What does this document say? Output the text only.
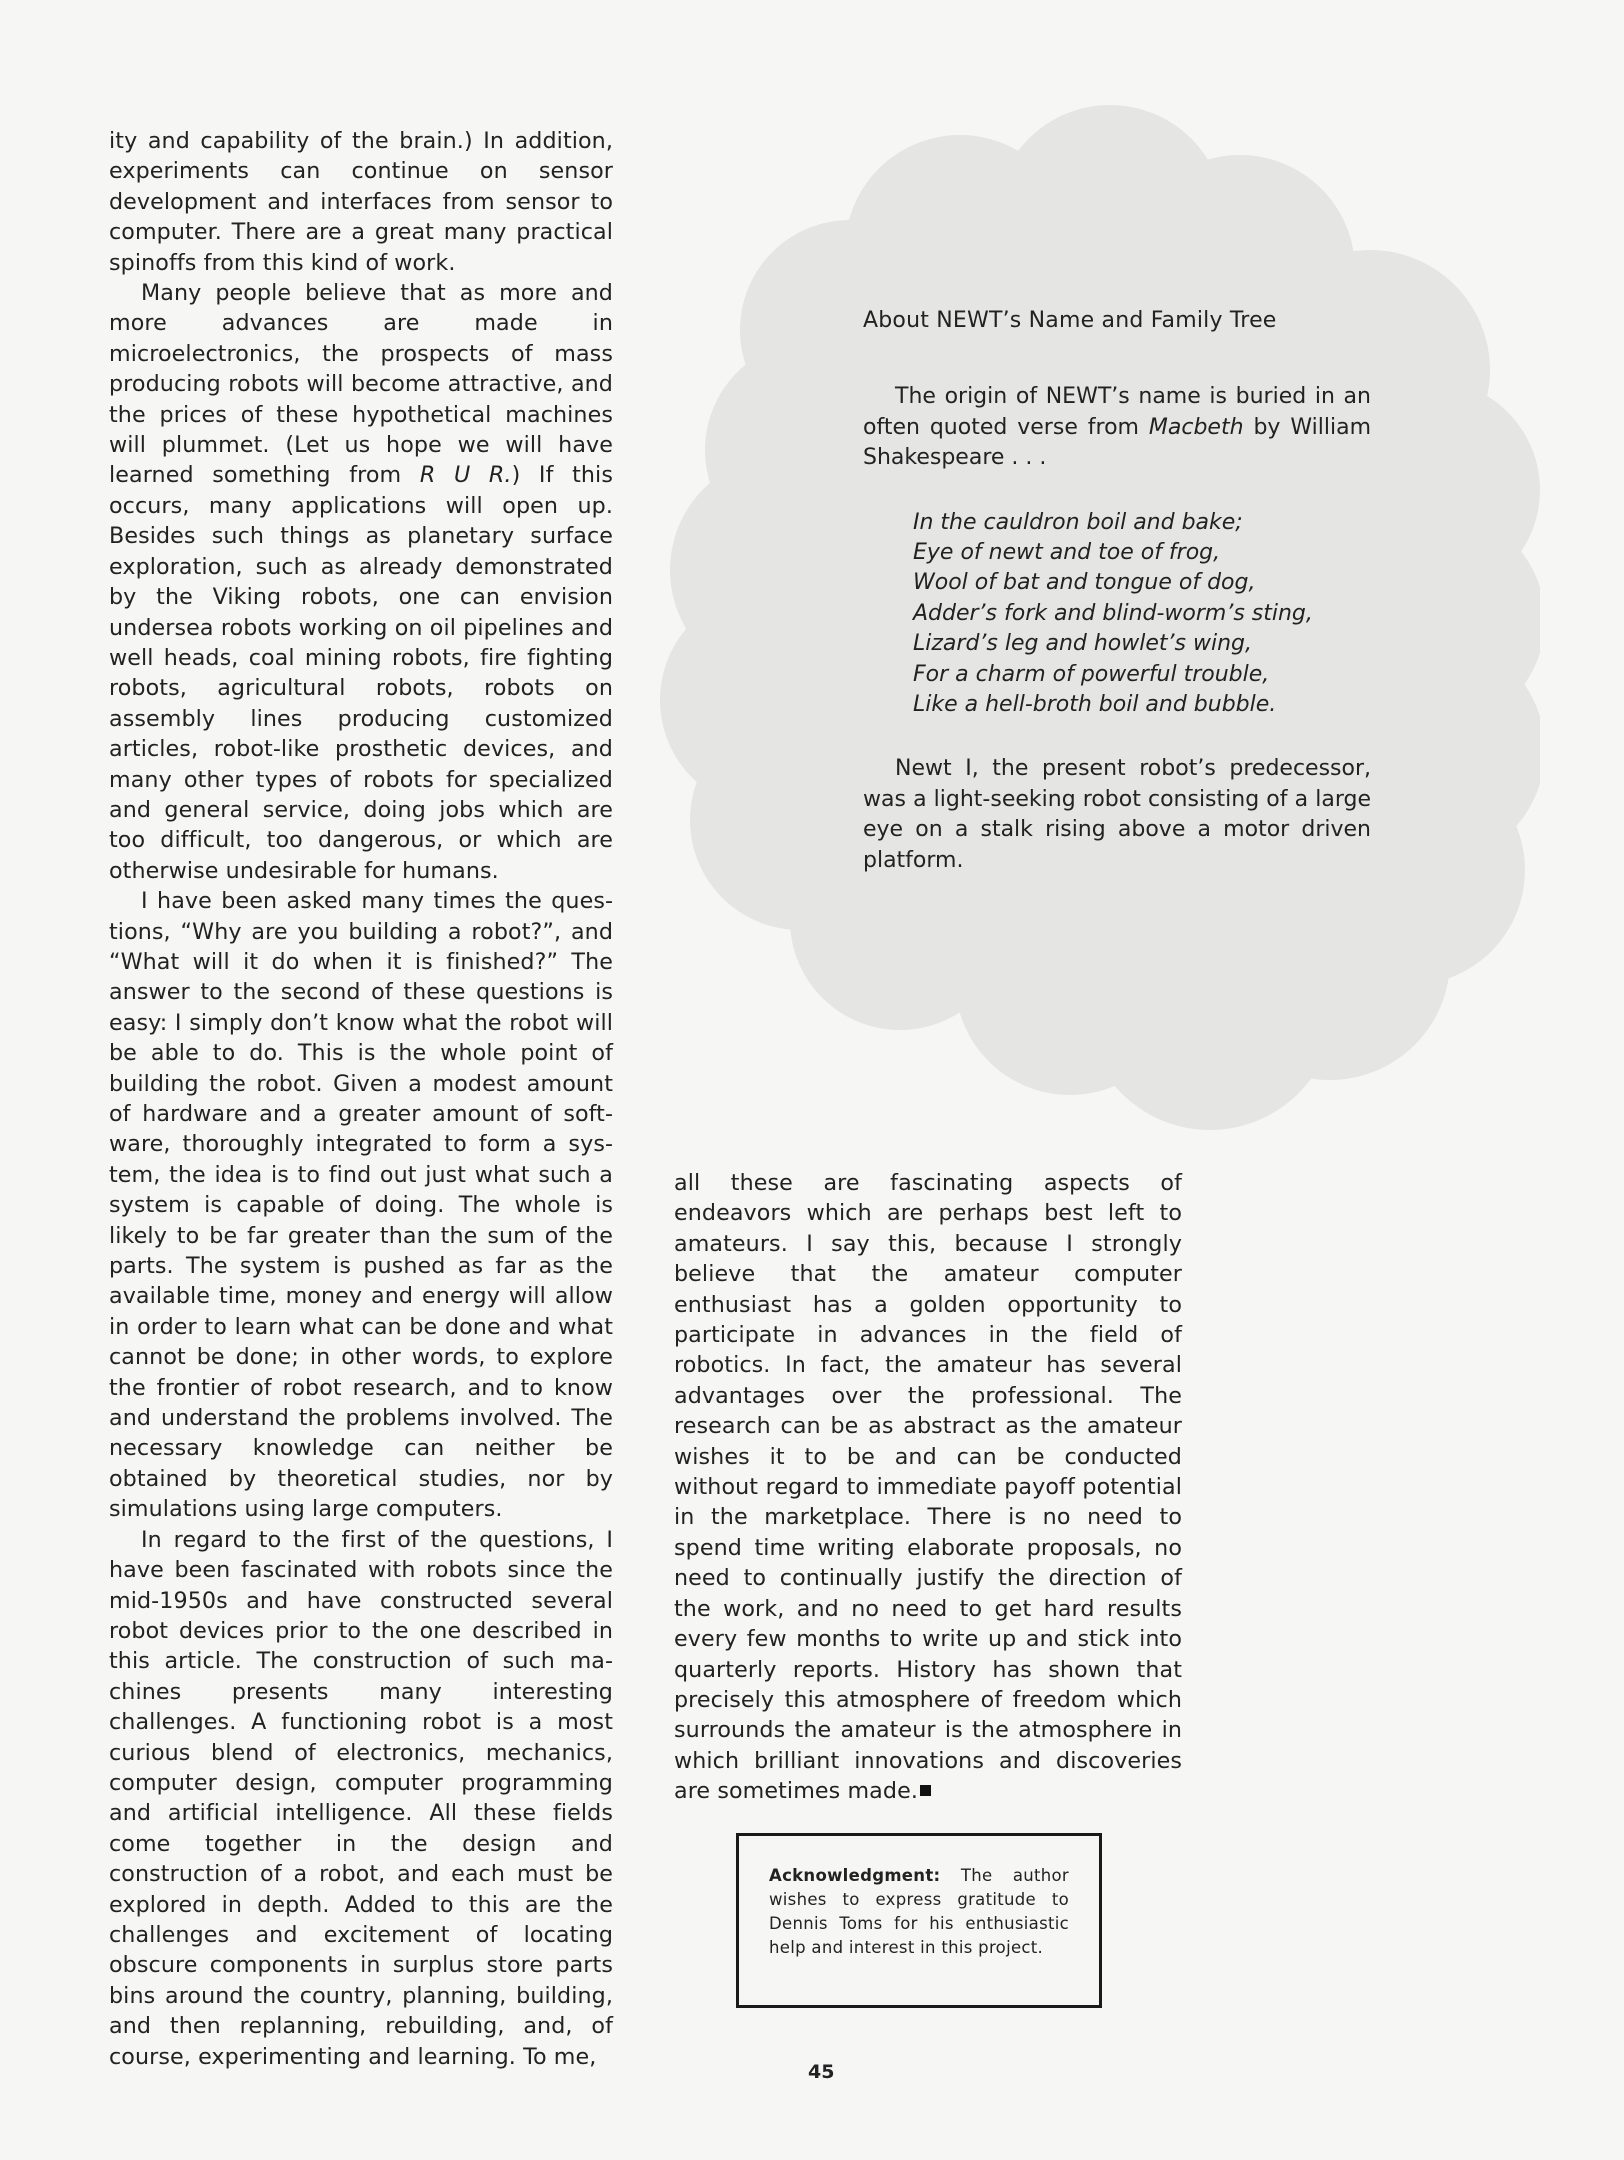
ity and capability of the brain.) In addition, experiments can continue on sensor development and interfaces from sensor to computer. There are a great many practical spinoffs from this kind of work.

Many people believe that as more and more advances are made in microelectronics, the prospects of mass producing robots will become attractive, and the prices of these hypothetical machines will plummet. (Let us hope we will have learned something from R U R.) If this occurs, many applications will open up. Besides such things as planetary surface exploration, such as already demonstrated by the Viking robots, one can envision undersea robots working on oil pipelines and well heads, coal mining robots, fire fighting robots, agricultural robots, robots on assembly lines producing customized articles, robot-like prosthetic devices, and many other types of robots for specialized and general service, doing jobs which are too difficult, too dangerous, or which are otherwise undesirable for humans.

I have been asked many times the questions, “Why are you building a robot?”, and “What will it do when it is finished?” The answer to the second of these questions is easy: I simply don’t know what the robot will be able to do. This is the whole point of building the robot. Given a modest amount of hardware and a greater amount of software, thoroughly integrated to form a system, the idea is to find out just what such a system is capable of doing. The whole is likely to be far greater than the sum of the parts. The system is pushed as far as the available time, money and energy will allow in order to learn what can be done and what cannot be done; in other words, to explore the frontier of robot research, and to know and understand the problems involved. The necessary knowledge can neither be obtained by theoretical studies, nor by simulations using large computers.

In regard to the first of the questions, I have been fascinated with robots since the mid-1950s and have constructed several robot devices prior to the one described in this article. The construction of such machines presents many interesting challenges. A functioning robot is a most curious blend of electronics, mechanics, computer design, computer programming and artificial intelligence. All these fields come together in the design and construction of a robot, and each must be explored in depth. Added to this are the challenges and excitement of locating obscure components in surplus store parts bins around the country, planning, building, and then replanning, rebuilding, and, of course, experimenting and learning. To me,

About NEWT’s Name and Family Tree

The origin of NEWT’s name is buried in an often quoted verse from Macbeth by William Shakespeare . . .

In the cauldron boil and bake;
Eye of newt and toe of frog,
Wool of bat and tongue of dog,
Adder’s fork and blind-worm’s sting,
Lizard’s leg and howlet’s wing,
For a charm of powerful trouble,
Like a hell-broth boil and bubble.

Newt I, the present robot’s predecessor, was a light-seeking robot consisting of a large eye on a stalk rising above a motor driven platform.

all these are fascinating aspects of endeavors which are perhaps best left to amateurs. I say this, because I strongly believe that the amateur computer enthusiast has a golden opportunity to participate in advances in the field of robotics. In fact, the amateur has several advantages over the professional. The research can be as abstract as the amateur wishes it to be and can be conducted without regard to immediate payoff potential in the marketplace. There is no need to spend time writing elaborate proposals, no need to continually justify the direction of the work, and no need to get hard results every few months to write up and stick into quarterly reports. History has shown that precisely this atmosphere of freedom which surrounds the amateur is the atmosphere in which brilliant innovations and discoveries are sometimes made.

Acknowledgment: The author wishes to express gratitude to Dennis Toms for his enthusiastic help and interest in this project.

45
